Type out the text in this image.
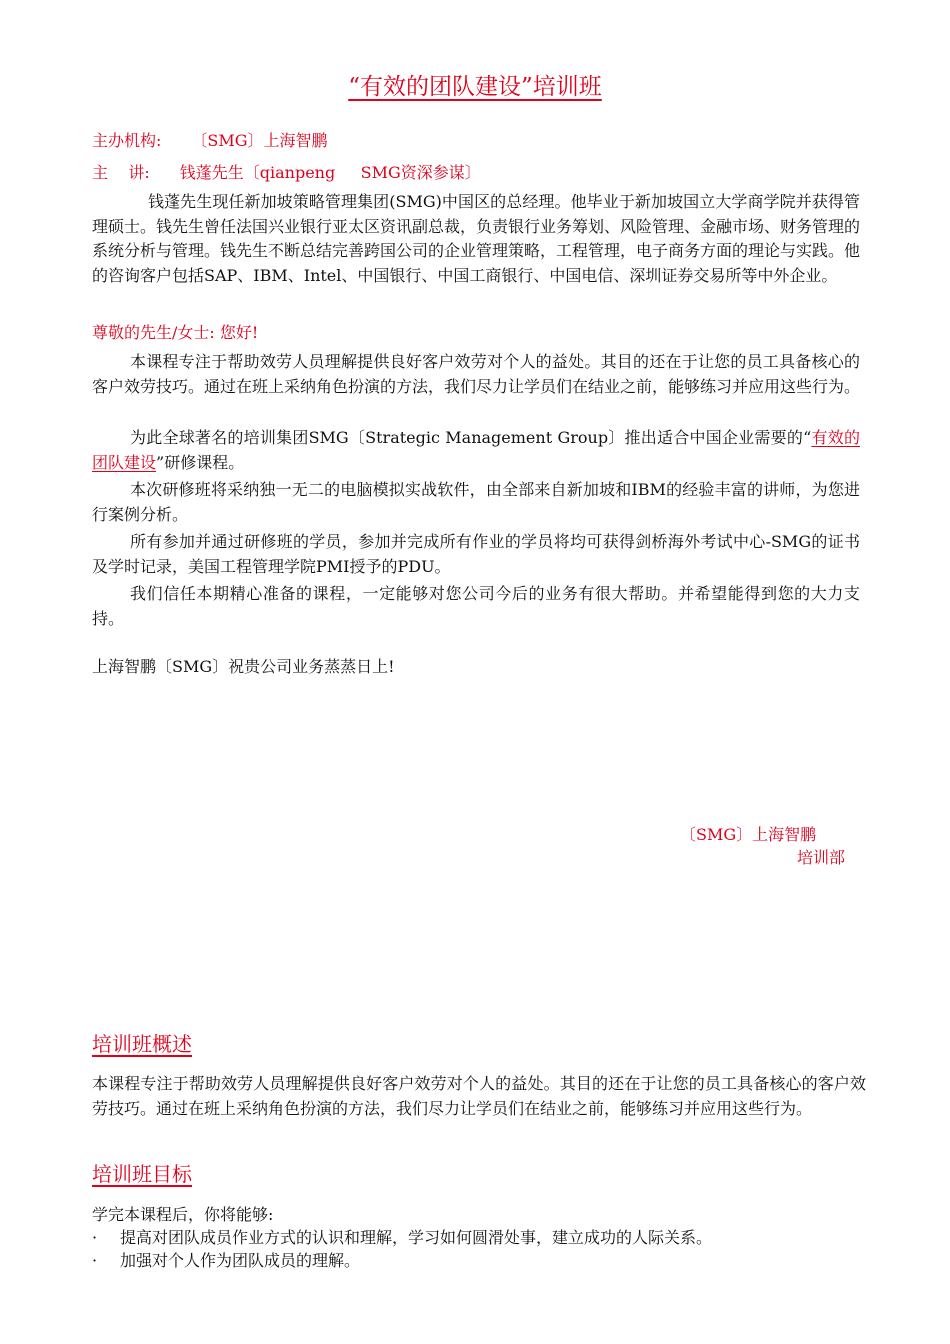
“有效的团队建设”培训班
主办机构: 〔SMG〕上海智鹏
主    讲: 钱蓬先生〔qianpeng     SMG资深参谋〕

钱蓬先生现任新加坡策略管理集团(SMG)中国区的总经理。他毕业于新加坡国立大学商学院并获得管理硕士。钱先生曾任法国兴业银行亚太区资讯副总裁，负责银行业务筹划、风险管理、金融市场、财务管理的系统分析与管理。钱先生不断总结完善跨国公司的企业管理策略，工程管理，电子商务方面的理论与实践。他的咨询客户包括SAP、IBM、Intel、中国银行、中国工商银行、中国电信、深圳证券交易所等中外企业。

尊敬的先生/女士: 您好!

本课程专注于帮助效劳人员理解提供良好客户效劳对个人的益处。其目的还在于让您的员工具备核心的客户效劳技巧。通过在班上采纳角色扮演的方法，我们尽力让学员们在结业之前，能够练习并应用这些行为。

为此全球著名的培训集团SMG〔Strategic Management Group〕推出适合中国企业需要的“有效的团队建设”研修课程。

本次研修班将采纳独一无二的电脑模拟实战软件，由全部来自新加坡和IBM的经验丰富的讲师，为您进行案例分析。

所有参加并通过研修班的学员，参加并完成所有作业的学员将均可获得剑桥海外考试中心-SMG的证书及学时记录，美国工程管理学院PMI授予的PDU。

我们信任本期精心准备的课程，一定能够对您公司今后的业务有很大帮助。并希望能得到您的大力支持。

上海智鹏〔SMG〕祝贵公司业务蒸蒸日上!
〔SMG〕上海智鹏
培训部
培训班概述

本课程专注于帮助效劳人员理解提供良好客户效劳对个人的益处。其目的还在于让您的员工具备核心的客户效劳技巧。通过在班上采纳角色扮演的方法，我们尽力让学员们在结业之前，能够练习并应用这些行为。

培训班目标
学完本课程后，你将能够:
· 提高对团队成员作业方式的认识和理解，学习如何圆滑处事，建立成功的人际关系。
· 加强对个人作为团队成员的理解。
